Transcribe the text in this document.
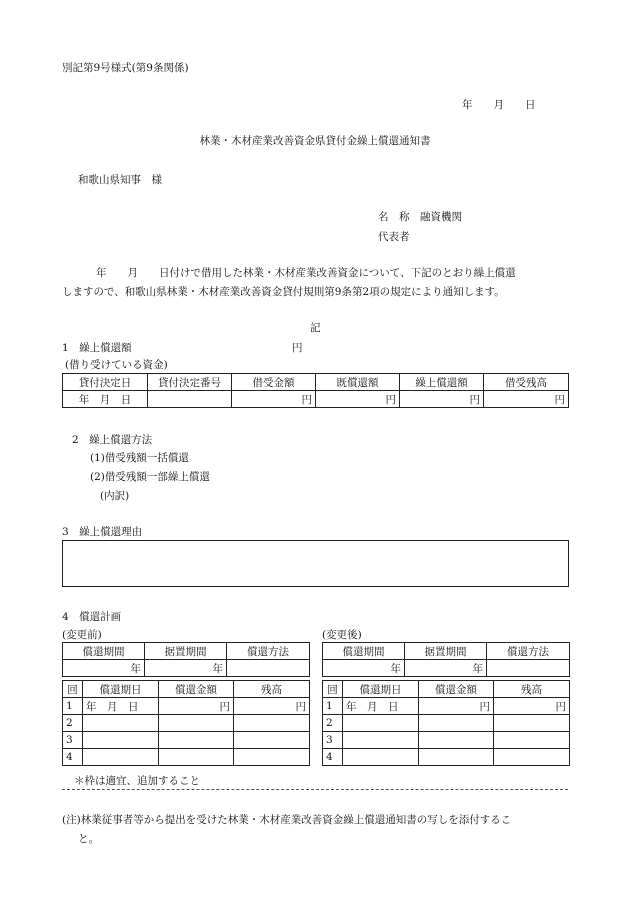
別記第9号様式(第9条関係)
年　　月　　日
林業・木材産業改善資金県貸付金繰上償還通知書
和歌山県知事　様
名　称　融資機関
代表者
年　　月　　日付けで借用した林業・木材産業改善資金について、下記のとおり繰上償還
しますので、和歌山県林業・木材産業改善資金貸付規則第9条第2項の規定により通知します。
記
1　繰上償還額	円
(借り受けている資金)
貸付決定日	貸付決定番号	借受金額	既償還額	繰上償還額	借受残高
年　月　日		円	円	円	円
2　繰上償還方法
(1)借受残額一括償還
(2)借受残額一部繰上償還
(内訳)
3　繰上償還理由
4　償還計画
(変更前)	(変更後)
償還期間	据置期間	償還方法
年	年	
回	償還期日	償還金額	残高
1	年　月　日	円	円
2			
3			
4			
償還期間	据置期間	償還方法
年	年	
回	償還期日	償還金額	残高
1	年　月　日	円	円
2			
3			
4			
＊枠は適宜、追加すること
(注)林業従事者等から提出を受けた林業・木材産業改善資金繰上償還通知書の写しを添付するこ
と。
